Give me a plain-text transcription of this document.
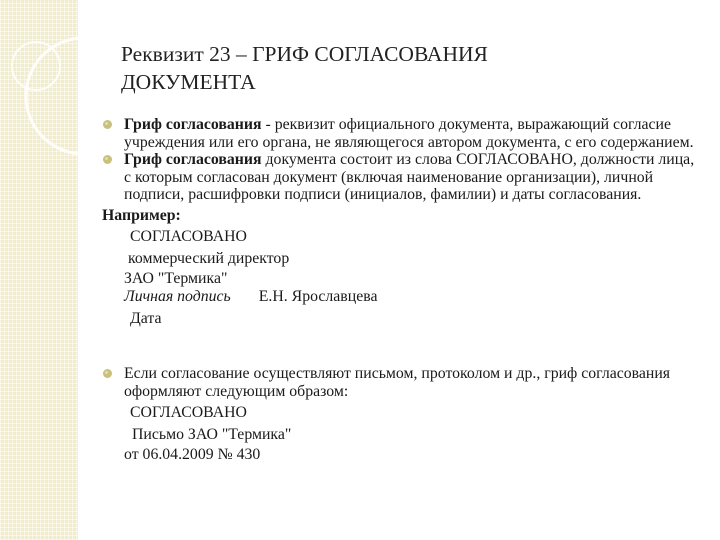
Реквизит 23 – ГРИФ СОГЛАСОВАНИЯ
ДОКУМЕНТА
Гриф согласования - реквизит официального документа, выражающий согласие учреждения или его органа, не являющегося автором документа, с его содержанием.
Гриф согласования документа состоит из слова СОГЛАСОВАНО, должности лица, с которым согласован документ (включая наименование организации), личной подписи, расшифровки подписи (инициалов, фамилии) и даты согласования.
Например:
СОГЛАСОВАНО
коммерческий директор
ЗАО "Термика"
Личная подпись Е.Н. Ярославцева
Дата
Если согласование осуществляют письмом, протоколом и др., гриф согласования оформляют следующим образом:
СОГЛАСОВАНО
Письмо ЗАО "Термика"
от 06.04.2009 № 430
